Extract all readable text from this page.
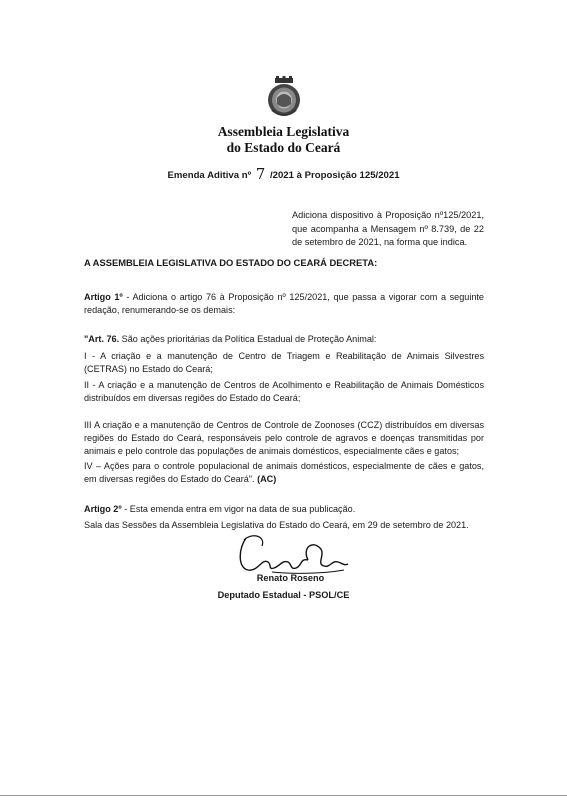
Assembleia Legislativa
do Estado do Ceará
Emenda Aditiva nº 7 /2021 à Proposição 125/2021
Adiciona dispositivo à Proposição nº125/2021, que acompanha a Mensagem nº 8.739, de 22 de setembro de 2021, na forma que indica.
A ASSEMBLEIA LEGISLATIVA DO ESTADO DO CEARÁ DECRETA:
Artigo 1º - Adiciona o artigo 76 à Proposição nº 125/2021, que passa a vigorar com a seguinte redação, renumerando-se os demais:
"Art. 76. São ações prioritárias da Política Estadual de Proteção Animal:
I - A criação e a manutenção de Centro de Triagem e Reabilitação de Animais Silvestres (CETRAS) no Estado do Ceará;
II - A criação e a manutenção de Centros de Acolhimento e Reabilitação de Animais Domésticos distribuídos em diversas regiões do Estado do Ceará;
III A criação e a manutenção de Centros de Controle de Zoonoses (CCZ) distribuídos em diversas regiões do Estado do Ceará, responsáveis pelo controle de agravos e doenças transmitidas por animais e pelo controle das populações de animais domésticos, especialmente cães e gatos;
IV – Ações para o controle populacional de animais domésticos, especialmente de cães e gatos, em diversas regiões do Estado do Ceará". (AC)
Artigo 2º - Esta emenda entra em vigor na data de sua publicação.
Sala das Sessões da Assembleia Legislativa do Estado do Ceará, em 29 de setembro de 2021.
Renato Roseno
Deputado Estadual - PSOL/CE
